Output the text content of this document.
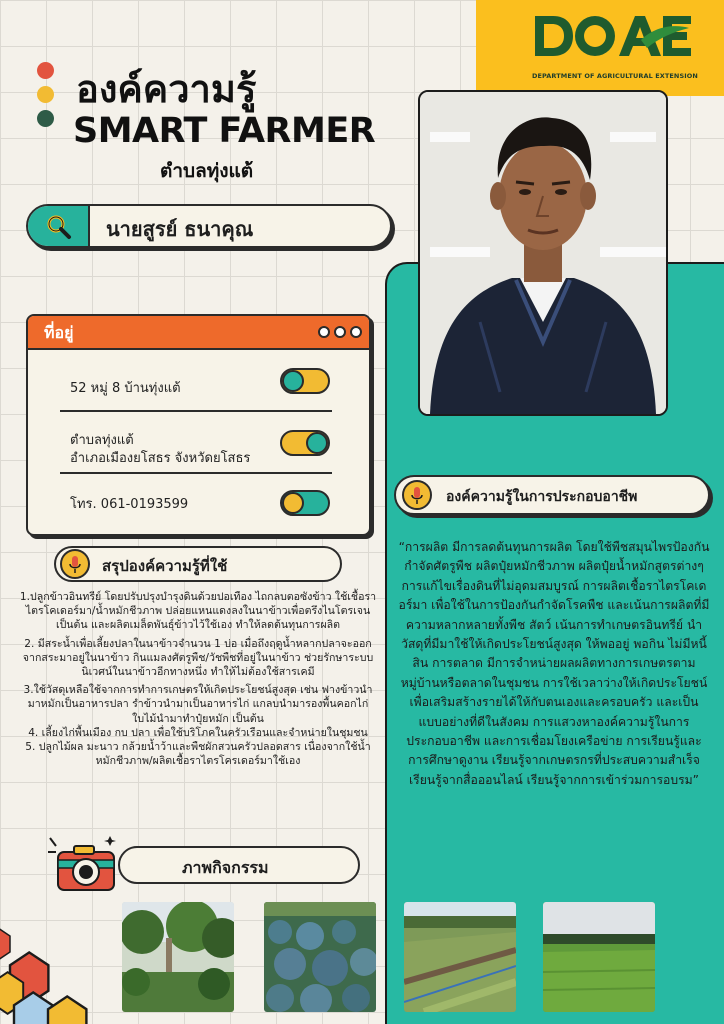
DEPARTMENT OF AGRICULTURAL EXTENSION
องค์ความรู้
SMART FARMER
ตำบลทุ่งแต้
นายสูรย์ ธนาคุณ
ที่อยู่
52 หมู่ 8 บ้านทุ่งแต้
ตำบลทุ่งแต้
อำเภอเมืองยโสธร จังหวัดยโสธร
โทร. 061-0193599
สรุปองค์ความรู้ที่ใช้

1.ปลูกข้าวอินทรีย์ โดยปรับปรุงบำรุงดินด้วยปอเทือง ไถกลบตอซังข้าว ใช้เชื้อราไตรโคเดอร์มา/น้ำหมักชีวภาพ ปล่อยแหนแดงลงในนาข้าวเพื่อตรึงไนโตรเจน เป็นต้น และผลิตเมล็ดพันธุ์ข้าวไว้ใช้เอง ทำให้ลดต้นทุนการผลิต

2. มีสระน้ำเพื่อเลี้ยงปลาในนาข้าวจำนวน 1 บ่อ เมื่อถึงฤดูน้ำหลากปลาจะออกจากสระมาอยู่ในนาข้าว กินแมลงศัตรูพืช/วัชพืชที่อยู่ในนาข้าว ช่วยรักษาระบบนิเวศน์ในนาข้าวอีกทางหนึ่ง ทำให้ไม่ต้องใช้สารเคมี

3.ใช้วัสดุเหลือใช้จากการทำการเกษตรให้เกิดประโยชน์สูงสุด เช่น ฟางข้าวนำมาหมักเป็นอาหารปลา รำข้าวนำมาเป็นอาหารไก่ แกลบนำมารองพื้นคอกไก่ใบไม้นำมาทำปุ๋ยหมัก เป็นต้น

4. เลี้ยงไก่พื้นเมือง กบ ปลา เพื่อใช้บริโภคในครัวเรือนและจำหน่ายในชุมชน

5. ปลูกไม้ผล มะนาว กล้วยน้ำว้าและพืชผักสวนครัวปลอดสาร เนื่องจากใช้น้ำหมักชีวภาพ/ผลิตเชื้อราไตรโครเดอร์มาใช้เอง

องค์ความรู้ในการประกอบอาชีพ
“การผลิต มีการลดต้นทุนการผลิต โดยใช้พืชสมุนไพรป้องกันกำจัดศัตรูพืช ผลิตปุ๋ยหมักชีวภาพ ผลิตปุ๋ยน้ำหมักสูตรต่างๆ การแก้ไขเรื่องดินที่ไม่อุดมสมบูรณ์ การผลิตเชื้อราไตรโคเดอร์มา เพื่อใช้ในการป้องกันกำจัดโรคพืช และเน้นการผลิตที่มีความหลากหลายทั้งพืช สัตว์ เน้นการทำเกษตรอินทรีย์ นำวัสดุที่มีมาใช้ให้เกิดประโยชน์สูงสุด ให้พออยู่ พอกิน ไม่มีหนี้สิน การตลาด มีการจำหน่ายผลผลิตทางการเกษตรตามหมู่บ้านหรือตลาดในชุมชน การใช้เวลาว่างให้เกิดประโยชน์ เพื่อเสริมสร้างรายได้ให้กับตนเองและครอบครัว และเป็นแบบอย่างที่ดีในสังคม การแสวงหาองค์ความรู้ในการประกอบอาชีพ และการเชื่อมโยงเครือข่าย การเรียนรู้และการศึกษาดูงาน เรียนรู้จากเกษตรกรที่ประสบความสำเร็จ เรียนรู้จากสื่อออนไลน์ เรียนรู้จากการเข้าร่วมการอบรม”
ภาพกิจกรรม
